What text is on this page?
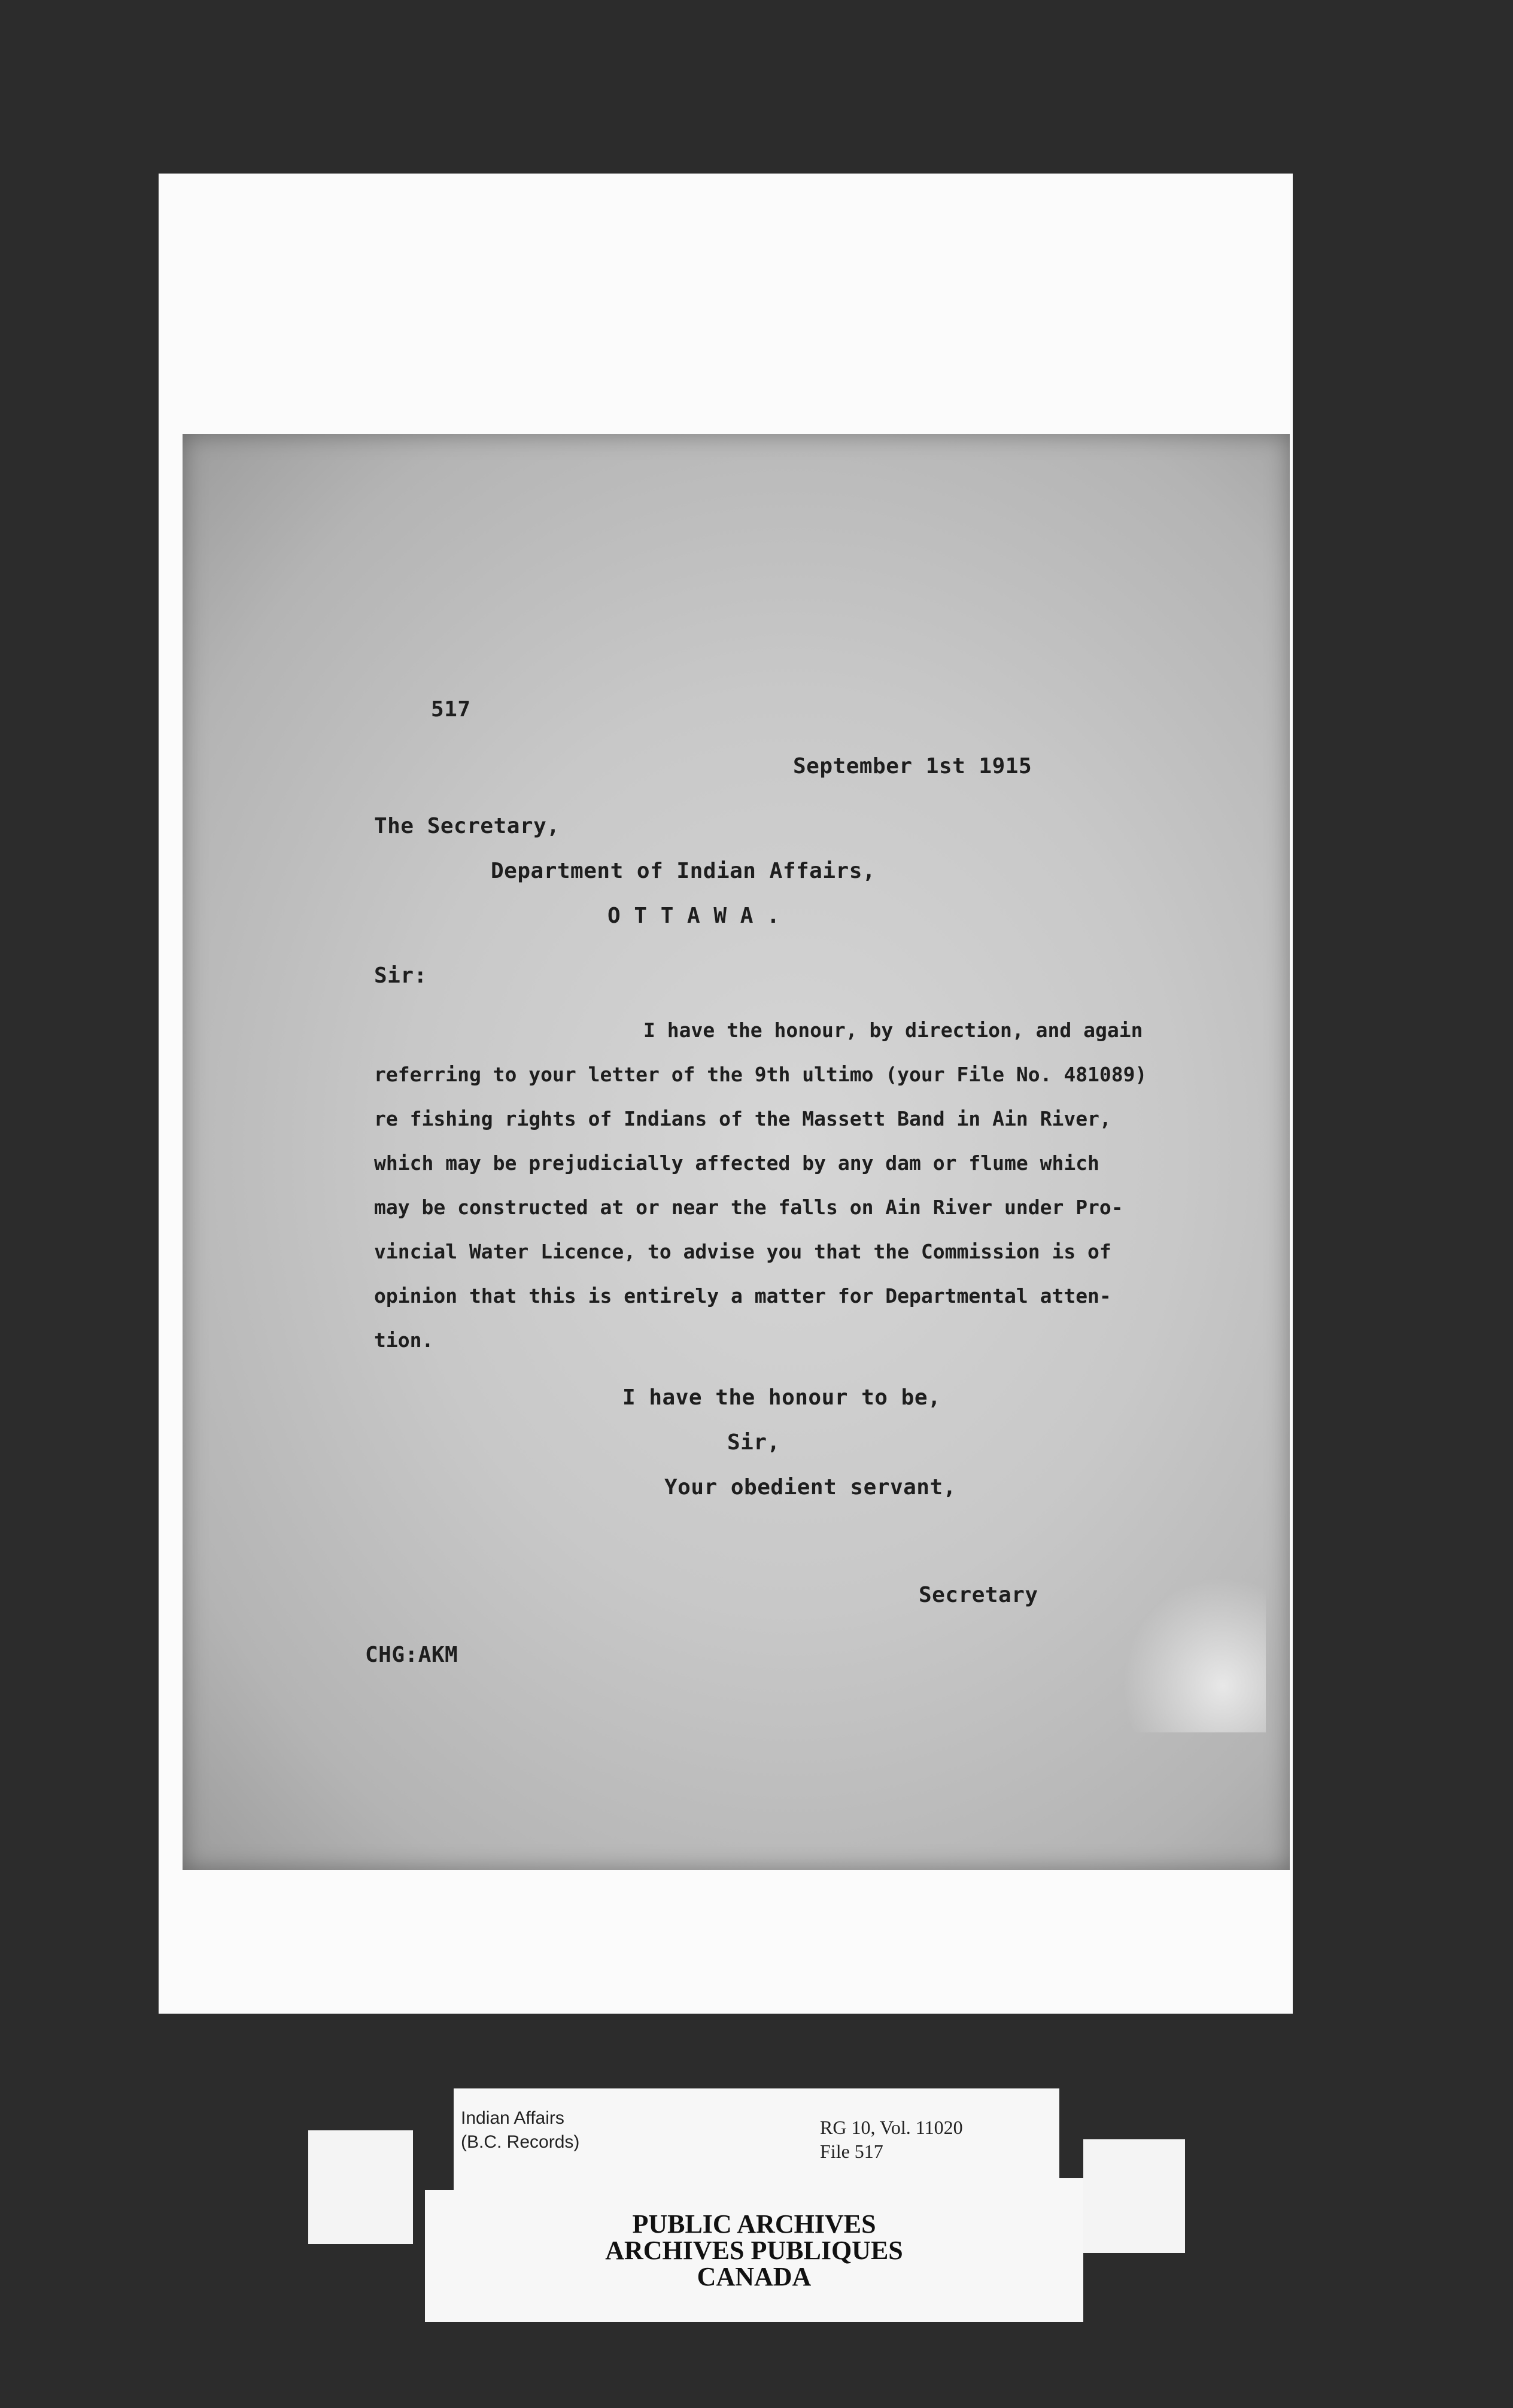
517
September 1st 1915
The Secretary,
Department of Indian Affairs,
O T T A W A .
Sir:
I have the honour, by direction, and again
referring to your letter of the 9th ultimo (your File No. 481089)
re fishing rights of Indians of the Massett Band in Ain River,
which may be prejudicially affected by any dam or flume which
may be constructed at or near the falls on Ain River under Pro-
vincial Water Licence, to advise you that the Commission is of
opinion that this is entirely a matter for Departmental atten-
tion.
I have the honour to be,
Sir,
Your obedient servant,
Secretary
CHG:AKM
Indian Affairs
(B.C. Records)
RG 10, Vol. 11020
File 517
PUBLIC ARCHIVES
ARCHIVES PUBLIQUES
CANADA
